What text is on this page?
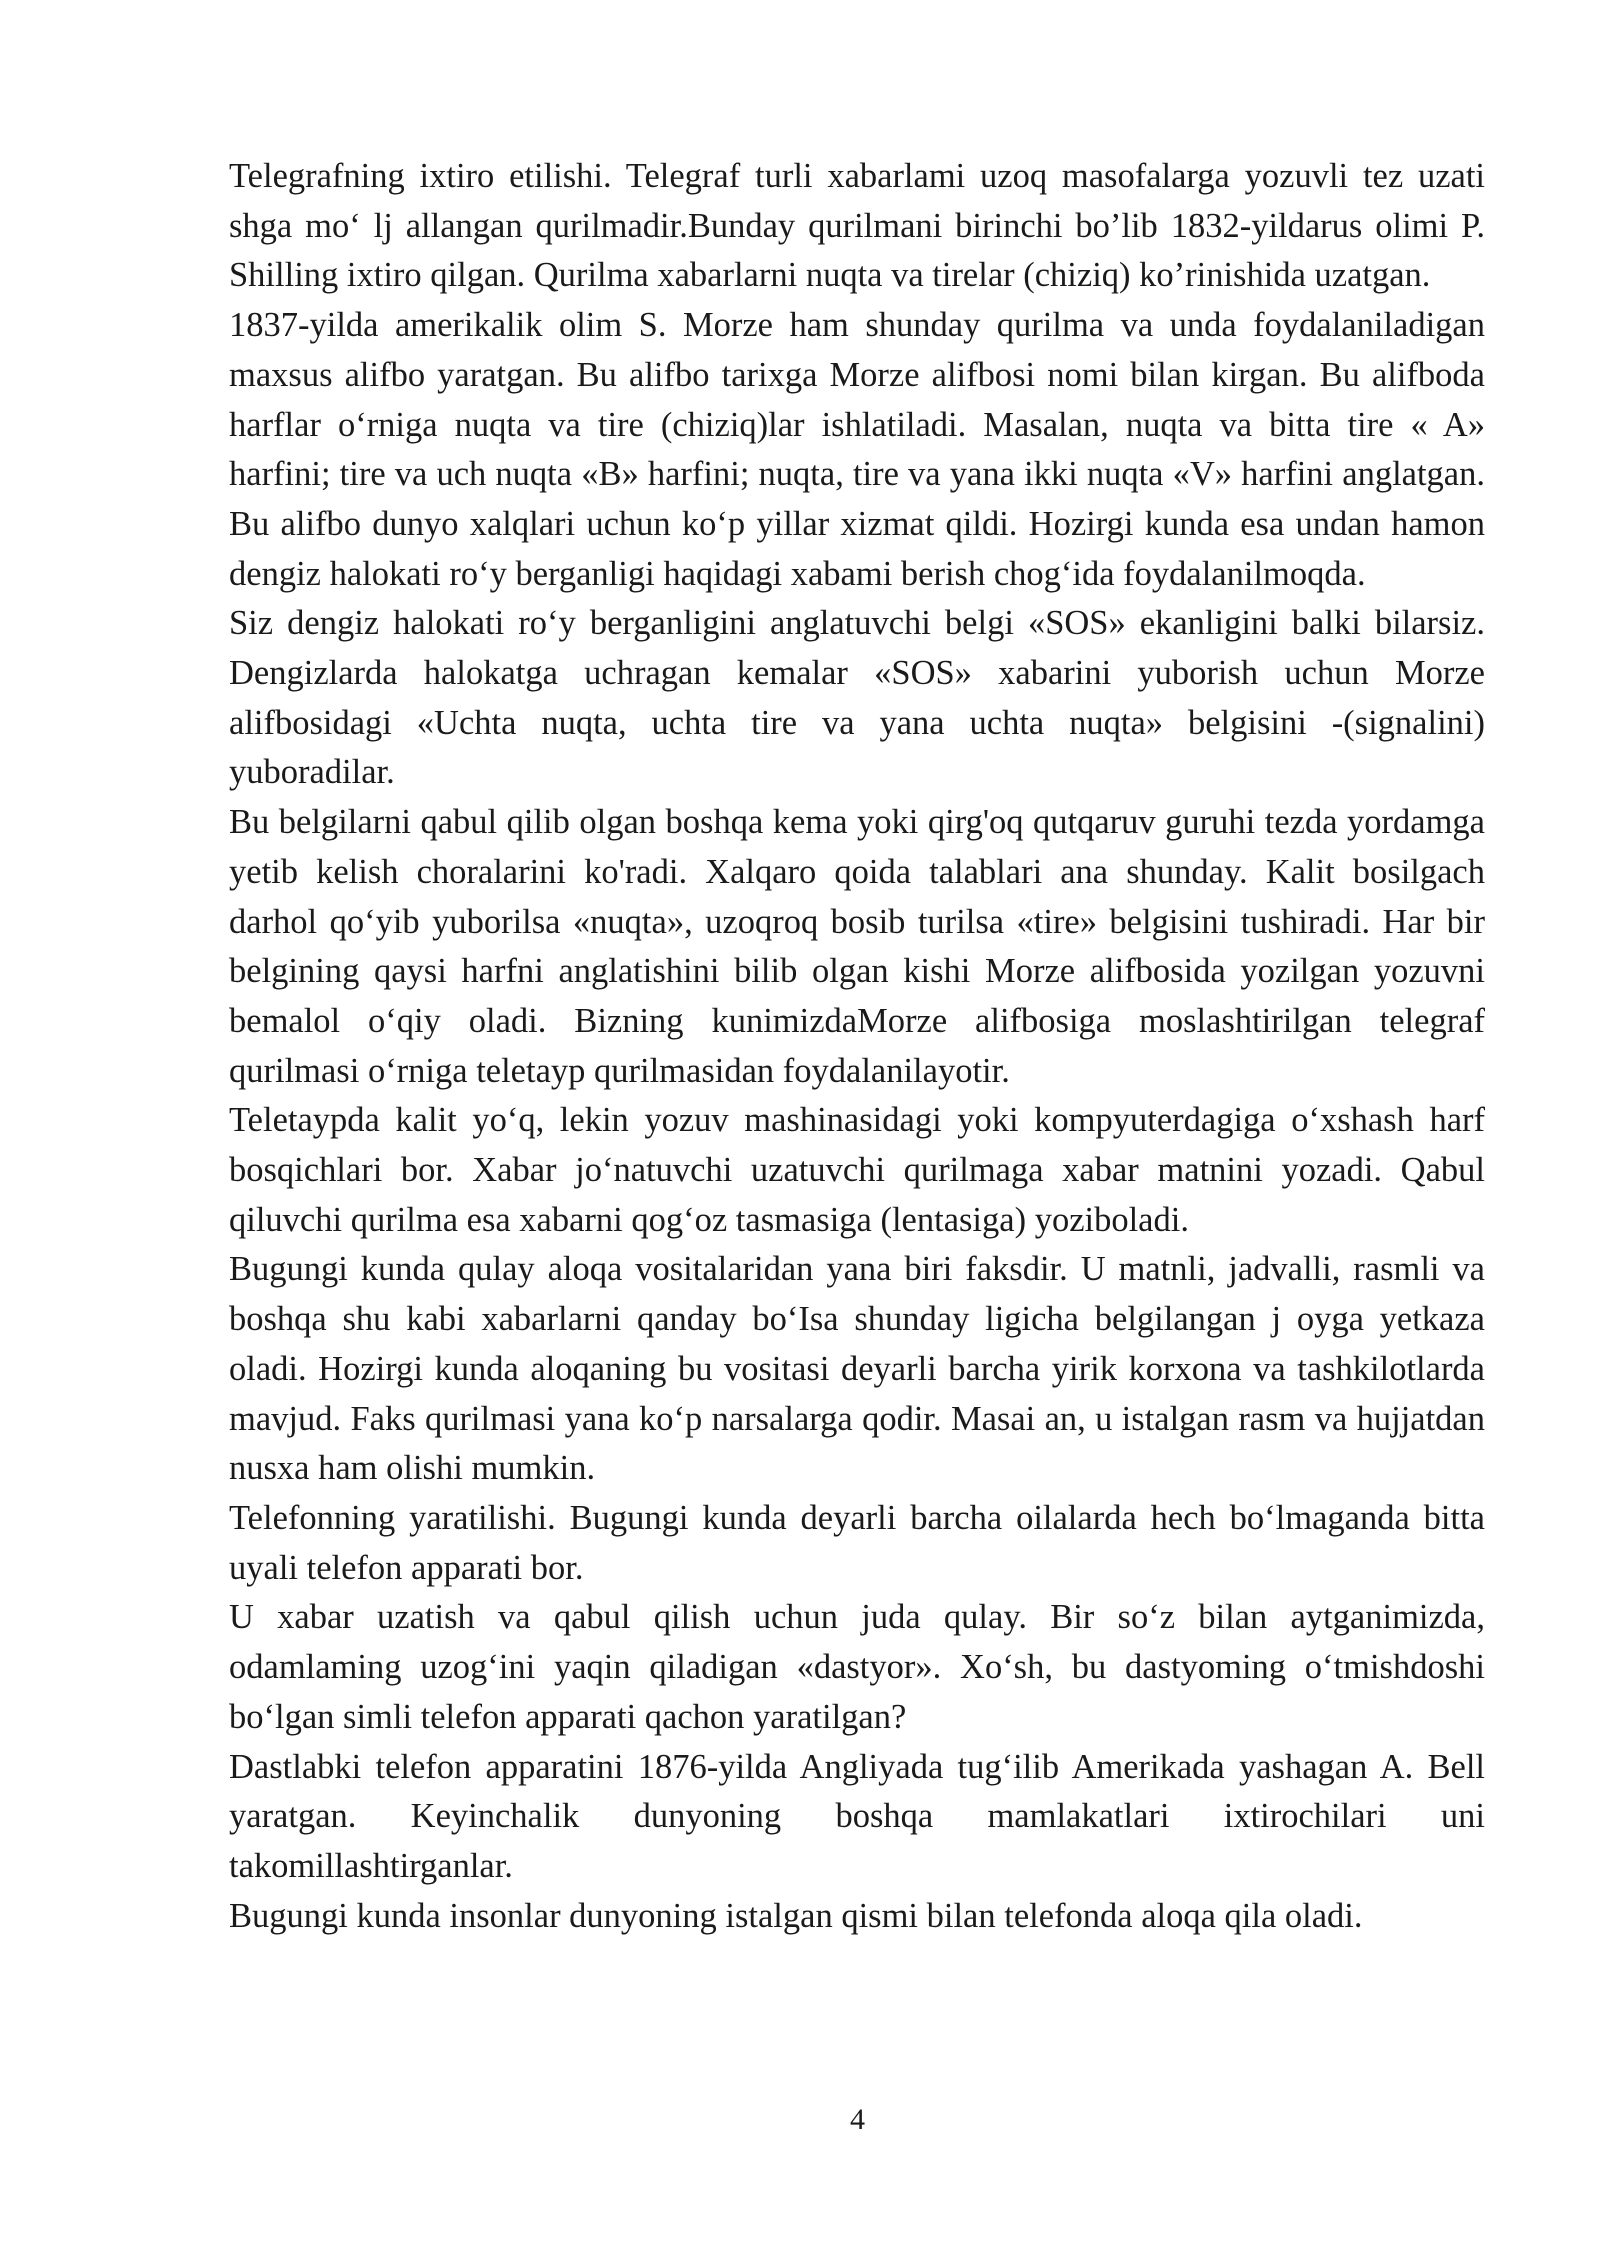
Telegrafning ixtiro etilishi. Telegraf turli xabarlami uzoq masofalarga yozuvli tez uzati shga mo‘ lj allangan qurilmadir.Bunday qurilmani birinchi bo’lib 1832-yildarus olimi P. Shilling ixtiro qilgan. Qurilma xabarlarni nuqta va tirelar (chiziq) ko’rinishida uzatgan.

1837-yilda amerikalik olim S. Morze ham shunday qurilma va unda foydalaniladigan maxsus alifbo yaratgan. Bu alifbo tarixga Morze alifbosi nomi bilan kirgan. Bu alifboda harflar o‘rniga nuqta va tire (chiziq)lar ishlatiladi. Masalan, nuqta va bitta tire « A» harfini; tire va uch nuqta «B» harfini; nuqta, tire va yana ikki nuqta «V» harfini anglatgan. Bu alifbo dunyo xalqlari uchun ko‘p yillar xizmat qildi. Hozirgi kunda esa undan hamon dengiz halokati ro‘y berganligi haqidagi xabami berish chog‘ida foydalanilmoqda.

Siz dengiz halokati ro‘y berganligini anglatuvchi belgi «SOS» ekanligini balki bilarsiz. Dengizlarda halokatga uchragan kemalar «SOS» xabarini yuborish uchun Morze alifbosidagi «Uchta nuqta, uchta tire va yana uchta nuqta» belgisini -(signalini) yuboradilar.

Bu belgilarni qabul qilib olgan boshqa kema yoki qirg'oq qutqaruv guruhi tezda yordamga yetib kelish choralarini ko'radi. Xalqaro qoida talablari ana shunday. Kalit bosilgach darhol qo‘yib yuborilsa «nuqta», uzoqroq bosib turilsa «tire» belgisini tushiradi. Har bir belgining qaysi harfni anglatishini bilib olgan kishi Morze alifbosida yozilgan yozuvni bemalol o‘qiy oladi. Bizning kunimizdaMorze alifbosiga moslashtirilgan telegraf qurilmasi o‘rniga teletayp qurilmasidan foydalanilayotir.

Teletaypda kalit yo‘q, lekin yozuv mashinasidagi yoki kompyuterdagiga o‘xshash harf bosqichlari bor. Xabar jo‘natuvchi uzatuvchi qurilmaga xabar matnini yozadi. Qabul qiluvchi qurilma esa xabarni qog‘oz tasmasiga (lentasiga) yoziboladi.

Bugungi kunda qulay aloqa vositalaridan yana biri faksdir. U matnli, jadvalli, rasmli va boshqa shu kabi xabarlarni qanday bo‘Isa shunday ligicha belgilangan j oyga yetkaza oladi. Hozirgi kunda aloqaning bu vositasi deyarli barcha yirik korxona va tashkilotlarda mavjud. Faks qurilmasi yana ko‘p narsalarga qodir. Masai an, u istalgan rasm va hujjatdan nusxa ham olishi mumkin.

Telefonning yaratilishi. Bugungi kunda deyarli barcha oilalarda hech bo‘lmaganda bitta uyali telefon apparati bor.

U xabar uzatish va qabul qilish uchun juda qulay. Bir so‘z bilan aytganimizda, odamlaming uzog‘ini yaqin qiladigan «dastyor». Xo‘sh, bu dastyoming o‘tmishdoshi bo‘lgan simli telefon apparati qachon yaratilgan?

Dastlabki telefon apparatini 1876-yilda Angliyada tug‘ilib Amerikada yashagan A. Bell yaratgan. Keyinchalik dunyoning boshqa mamlakatlari ixtirochilari uni takomillashtirganlar.

Bugungi kunda insonlar dunyoning istalgan qismi bilan telefonda aloqa qila oladi.

4
